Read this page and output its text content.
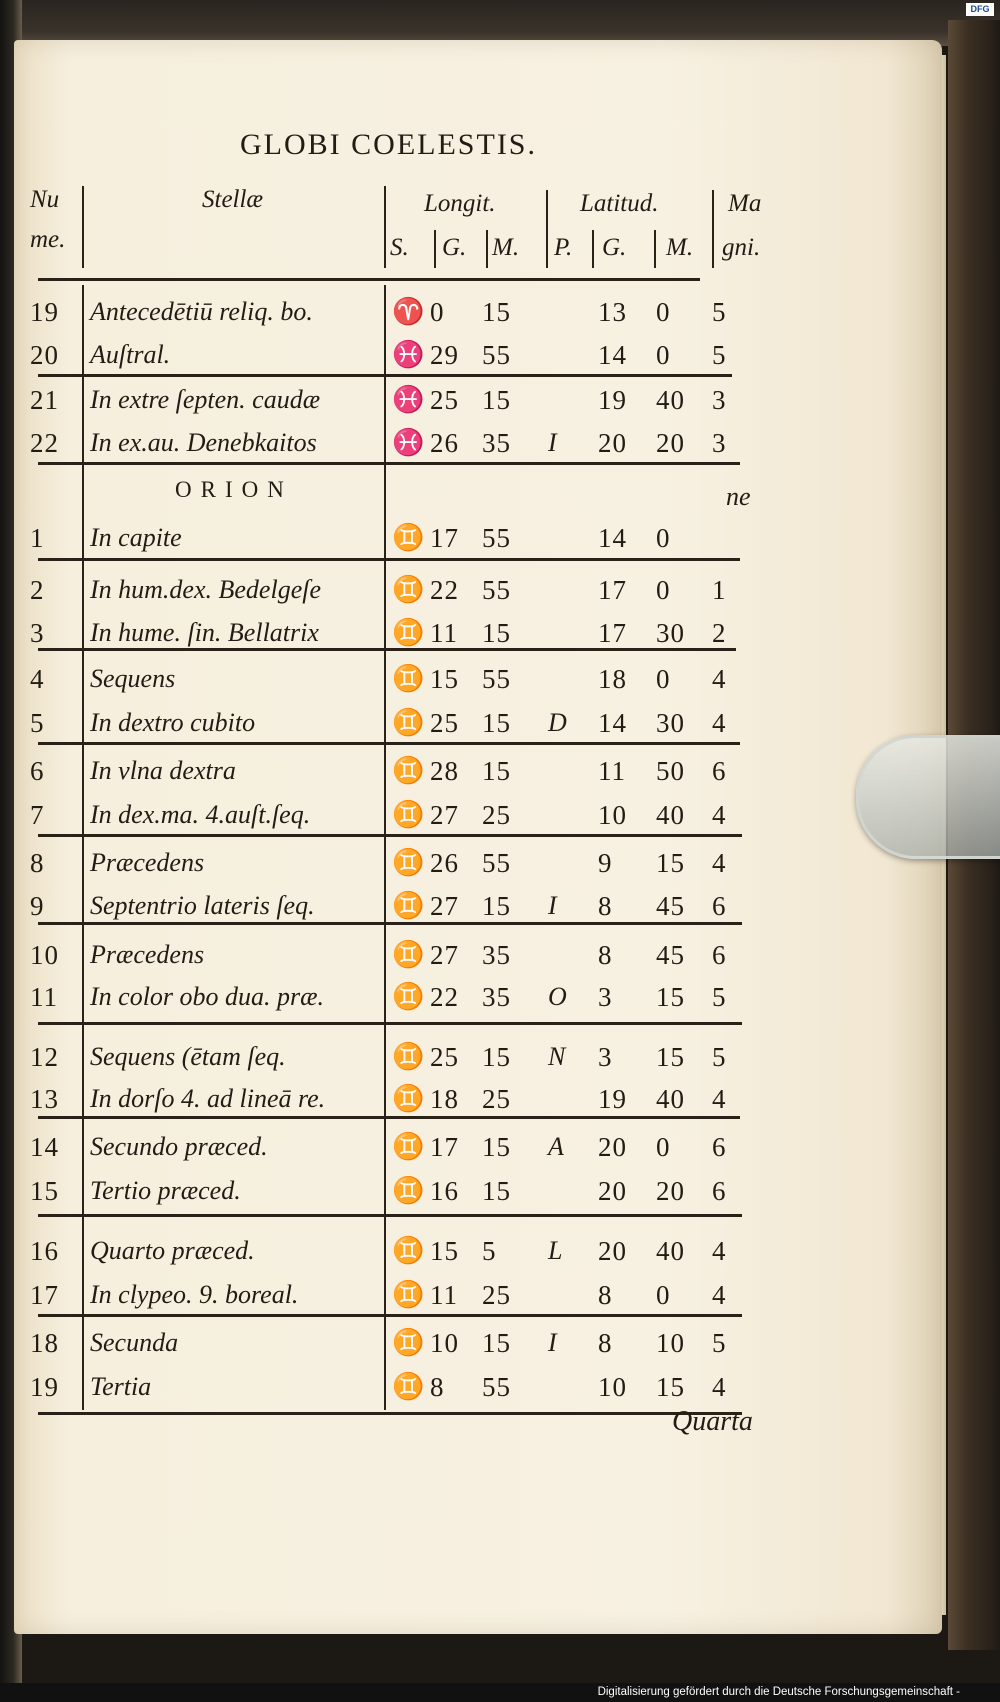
GLOBI COELESTIS.
Nu
me.
Stellæ	Longit.	Latitud.	Ma
S. G. M. P. G. M. gni.
ORION	ne
19 Antecedētiū reliq. bo.	♈ 0 15	13 0 5
20 Auſtral.	♓ 29 55	14 0 5
21 In extre ſepten. caudæ	♓ 25 15	19 40 3
22 In ex.au. Denebkaitos	♓ 26 35 I 20 20 3
1 In capite	♊ 17 55	14 0
2 In hum.dex. Bedelgeſe	♊ 22 55	17 0 1
3 In hume. ſin. Bellatrix	♊ 11 15	17 30 2
4 Sequens	♊ 15 55	18 0 4
5 In dextro cubito	♊ 25 15 D 14 30 4
6 In vlna dextra	♊ 28 15	11 50 6
7 In dex.ma. 4.auſt.ſeq.	♊ 27 25	10 40 4
8 Præcedens	♊ 26 55	9 15 4
9 Septentrio lateris ſeq.	♊ 27 15 I 8 45 6
10 Præcedens	♊ 27 35	8 45 6
11 In color obo dua. præ.	♊ 22 35 O 3 15 5
12 Sequens (ētam ſeq.	♊ 25 15 N 3 15 5
13 In dorſo 4. ad lineā re.	♊ 18 25	19 40 4
14 Secundo præced.	♊ 17 15 A 20 0 6
15 Tertio præced.	♊ 16 15	20 20 6
16 Quarto præced.	♊ 15 5 L 20 40 4
17 In clypeo. 9. boreal.	♊ 11 25	8 0 4
18 Secunda	♊ 10 15 I 8 10 5
19 Tertia	♊ 8 55	10 15 4
Quarta
Digitalisierung gefördert durch die Deutsche Forschungsgemeinschaft -
DFG
